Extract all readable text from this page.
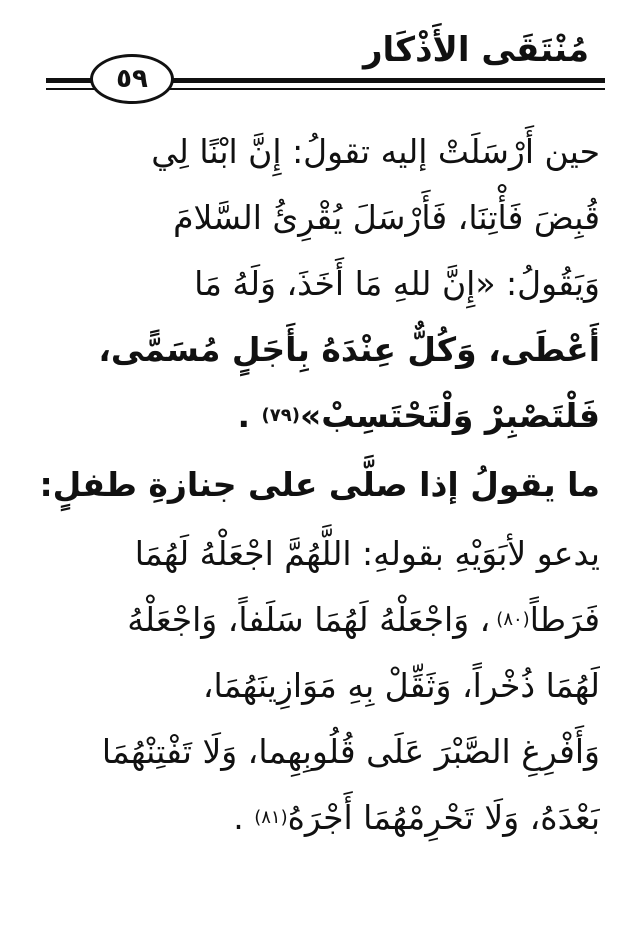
مُنْتَقَى الأَذْكَار
٥٩
حين أَرْسَلَتْ إليه تقولُ: إِنَّ ابْنًا لِي
قُبِضَ فَأْتِنَا، فَأَرْسَلَ يُقْرِئُ السَّلامَ
وَيَقُولُ: «إِنَّ للهِ مَا أَخَذَ، وَلَهُ مَا
أَعْطَى، وَكُلٌّ عِنْدَهُ بِأَجَلٍ مُسَمًّى،
فَلْتَصْبِرْ وَلْتَحْتَسِبْ»
(٧٩)

.
ما يقولُ إذا صلَّى على جنازةِ طفلٍ:
يدعو لأبَوَيْهِ بقولهِ: اللَّهُمَّ اجْعَلْهُ لَهُمَا
فَرَطاً
(٨٠)
، وَاجْعَلْهُ لَهُمَا سَلَفاً، وَاجْعَلْهُ
لَهُمَا ذُخْراً، وَثَقِّلْ بِهِ مَوَازِينَهُمَا،
وَأَفْرِغِ الصَّبْرَ عَلَى قُلُوبِهِما، وَلَا تَفْتِنْهُمَا
بَعْدَهُ، وَلَا تَحْرِمْهُمَا أَجْرَهُ
(٨١)

.
